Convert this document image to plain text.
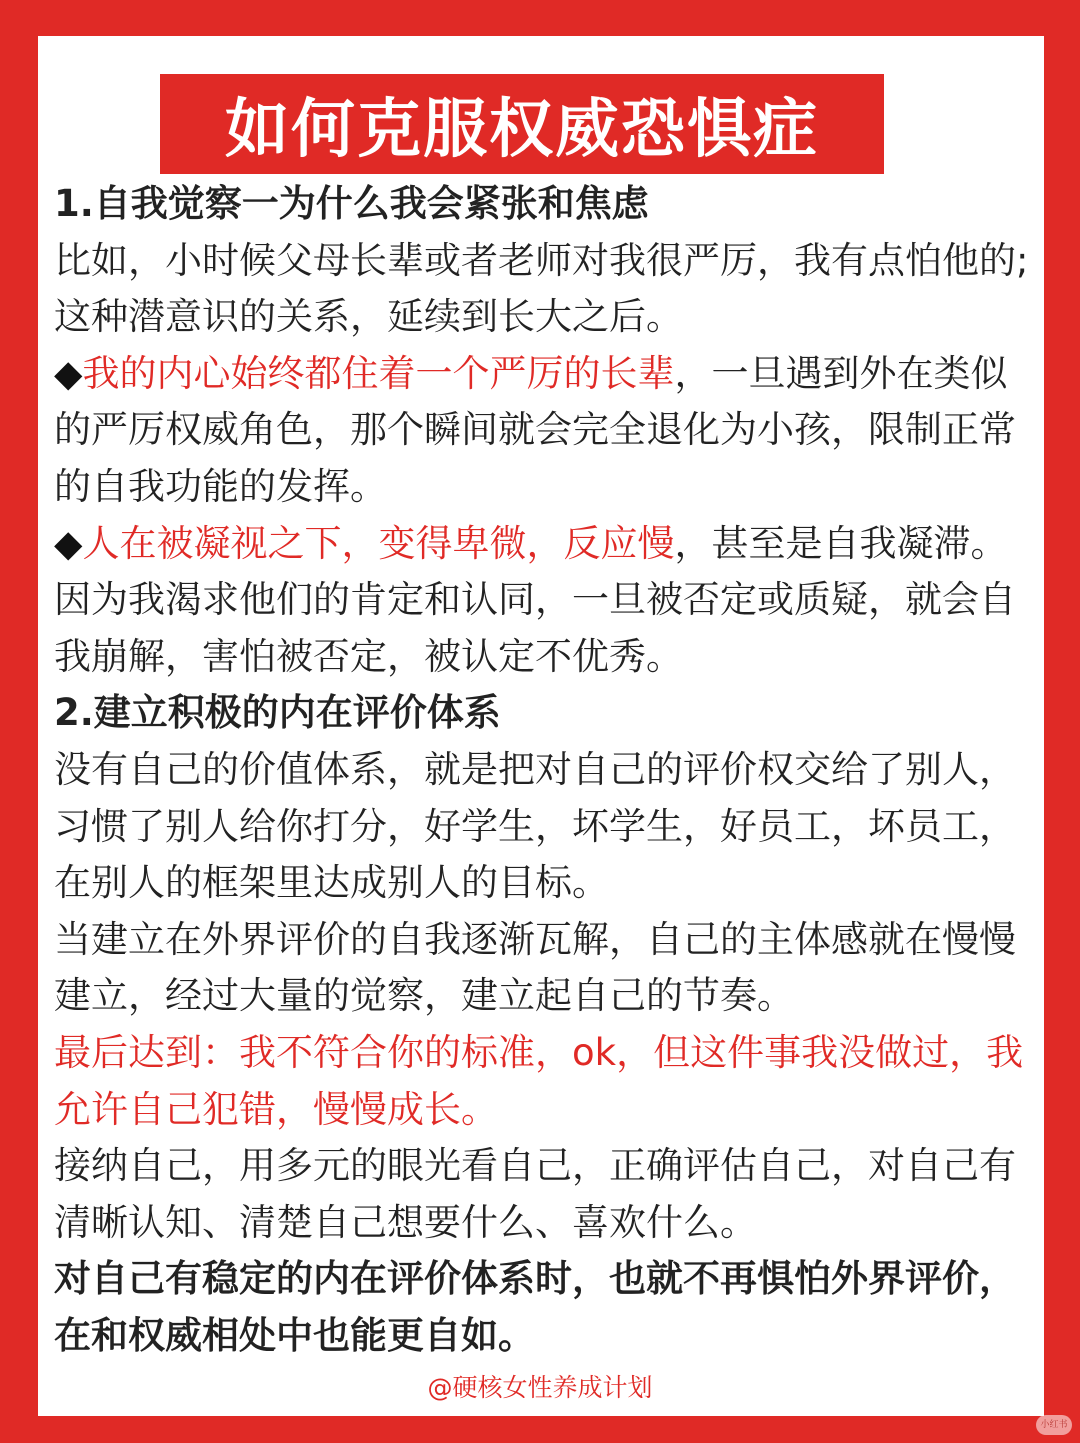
如何克服权威恐惧症

1.自我觉察一为什么我会紧张和焦虑

比如，小时候父母长辈或者老师对我很严厉，我有点怕他的;这种潜意识的关系，延续到长大之后。

◆我的内心始终都住着一个严厉的长辈，一旦遇到外在类似的严厉权威角色，那个瞬间就会完全退化为小孩，限制正常的自我功能的发挥。

◆人在被凝视之下，变得卑微，反应慢，甚至是自我凝滞。因为我渴求他们的肯定和认同，一旦被否定或质疑，就会自我崩解，害怕被否定，被认定不优秀。

2.建立积极的内在评价体系

没有自己的价值体系，就是把对自己的评价权交给了别人，习惯了别人给你打分，好学生，坏学生，好员工，坏员工，在别人的框架里达成别人的目标。

当建立在外界评价的自我逐渐瓦解，自己的主体感就在慢慢建立，经过大量的觉察，建立起自己的节奏。

最后达到：我不符合你的标准，ok，但这件事我没做过，我允许自己犯错，慢慢成长。

接纳自己，用多元的眼光看自己，正确评估自己，对自己有清晰认知、清楚自己想要什么、喜欢什么。

对自己有稳定的内在评价体系时，也就不再惧怕外界评价，在和权威相处中也能更自如。

@硬核女性养成计划
小红书
